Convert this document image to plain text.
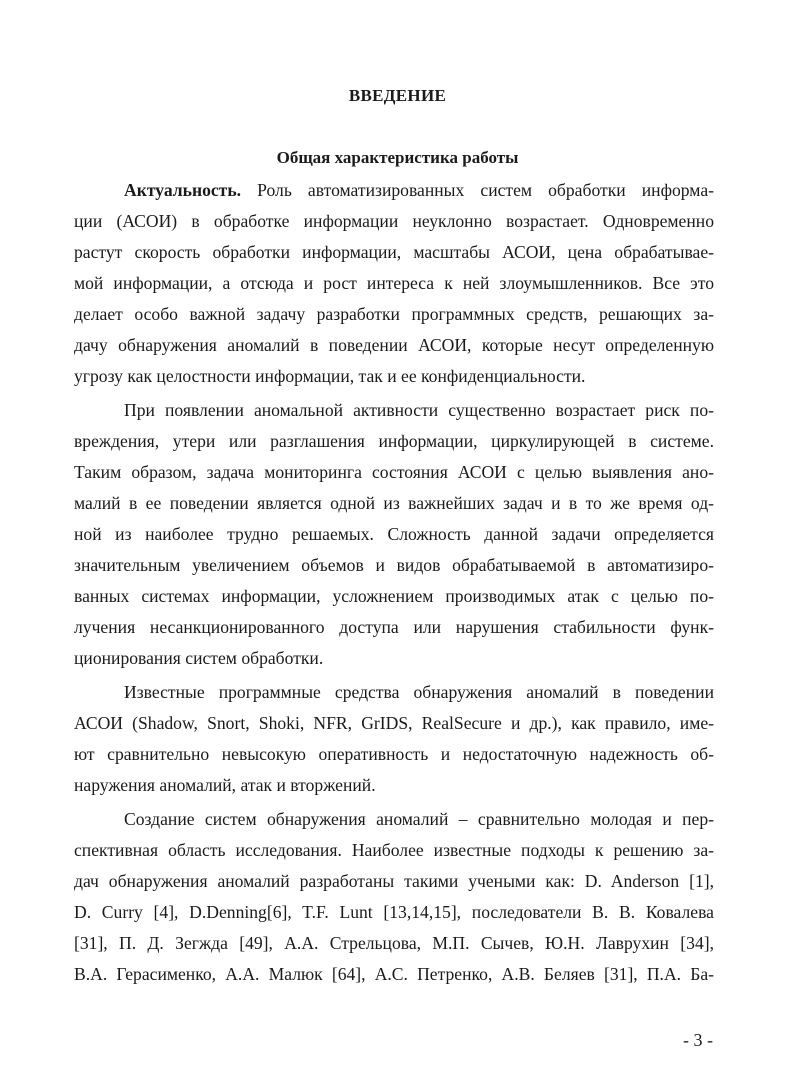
ВВЕДЕНИЕ
Общая характеристика работы
Актуальность. Роль автоматизированных систем обработки информа-
ции (АСОИ) в обработке информации неуклонно возрастает. Одновременно
растут скорость обработки информации, масштабы АСОИ, цена обрабатывае-
мой информации, а отсюда и рост интереса к ней злоумышленников. Все это
делает особо важной задачу разработки программных средств, решающих за-
дачу обнаружения аномалий в поведении АСОИ, которые несут определенную
угрозу как целостности информации, так и ее конфиденциальности.
При появлении аномальной активности существенно возрастает риск по-
вреждения, утери или разглашения информации, циркулирующей в системе.
Таким образом, задача мониторинга состояния АСОИ с целью выявления ано-
малий в ее поведении является одной из важнейших задач и в то же время од-
ной из наиболее трудно решаемых. Сложность данной задачи определяется
значительным увеличением объемов и видов обрабатываемой в автоматизиро-
ванных системах информации, усложнением производимых атак с целью по-
лучения несанкционированного доступа или нарушения стабильности функ-
ционирования систем обработки.
Известные программные средства обнаружения аномалий в поведении
АСОИ (Shadow, Snort, Shoki, NFR, GrIDS, RealSecure и др.), как правило, име-
ют сравнительно невысокую оперативность и недостаточную надежность об-
наружения аномалий, атак и вторжений.
Создание систем обнаружения аномалий – сравнительно молодая и пер-
спективная область исследования. Наиболее известные подходы к решению за-
дач обнаружения аномалий разработаны такими учеными как: D. Anderson [1],
D. Curry [4], D.Denning[6], T.F. Lunt [13,14,15], последователи В. В. Ковалева
[31], П. Д. Зегжда [49], А.А. Стрельцова, М.П. Сычев, Ю.Н. Лаврухин [34],
В.А. Герасименко, А.А. Малюк [64], А.С. Петренко, А.В. Беляев [31], П.А. Ба-
- 3 -
